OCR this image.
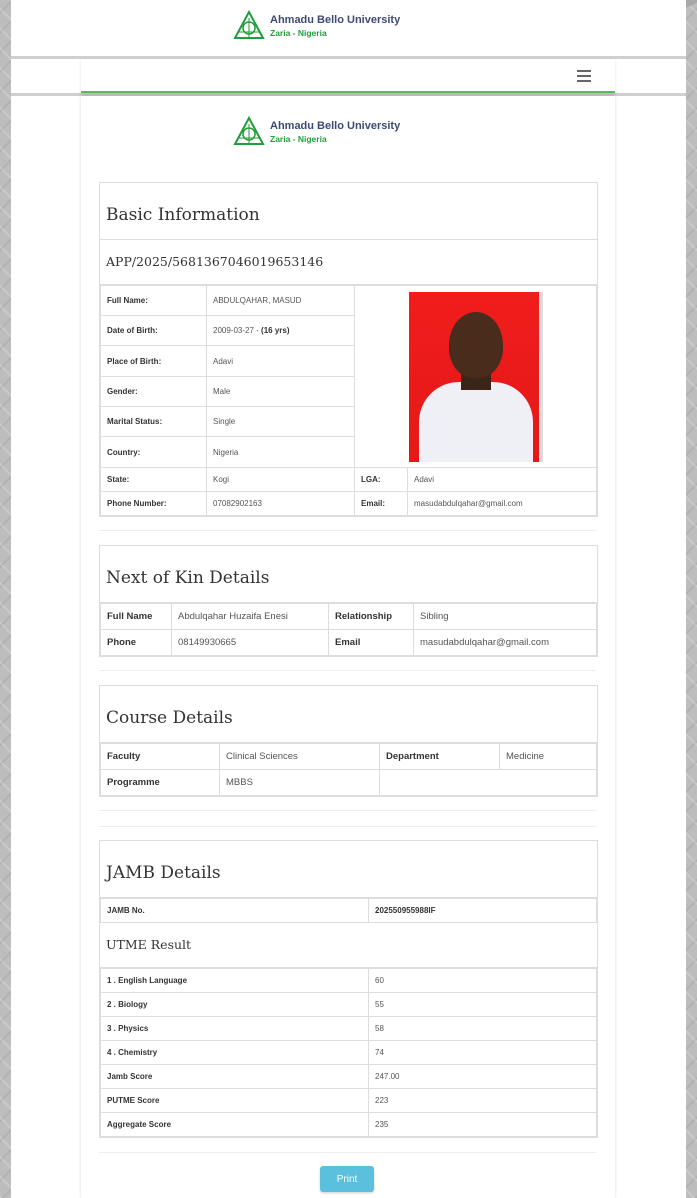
Ahmadu Bello University
Zaria - Nigeria
Ahmadu Bello University
Zaria - Nigeria
Basic Information
APP/2025/5681367046019653146
Full Name:	ABDULQAHAR, MASUD		

Date of Birth:	2009-03-27 - (16 yrs)		
Place of Birth:	Adavi		
Gender:	Male		
Marital Status:	Single		
Country:	Nigeria		
State:	Kogi	LGA:	Adavi
Phone Number:	07082902163	Email:	masudabdulqahar@gmail.com
Next of Kin Details
Full Name	Abdulqahar Huzaifa Enesi	Relationship	Sibling
Phone	08149930665	Email	masudabdulqahar@gmail.com
Course Details
Faculty	Clinical Sciences	Department	Medicine
Programme	MBBS		
JAMB Details
JAMB No.	202550955988IF
UTME Result
1 . English Language	60
2 . Biology	55
3 . Physics	58
4 . Chemistry	74
Jamb Score	247.00
PUTME Score	223
Aggregate Score	235
Print
